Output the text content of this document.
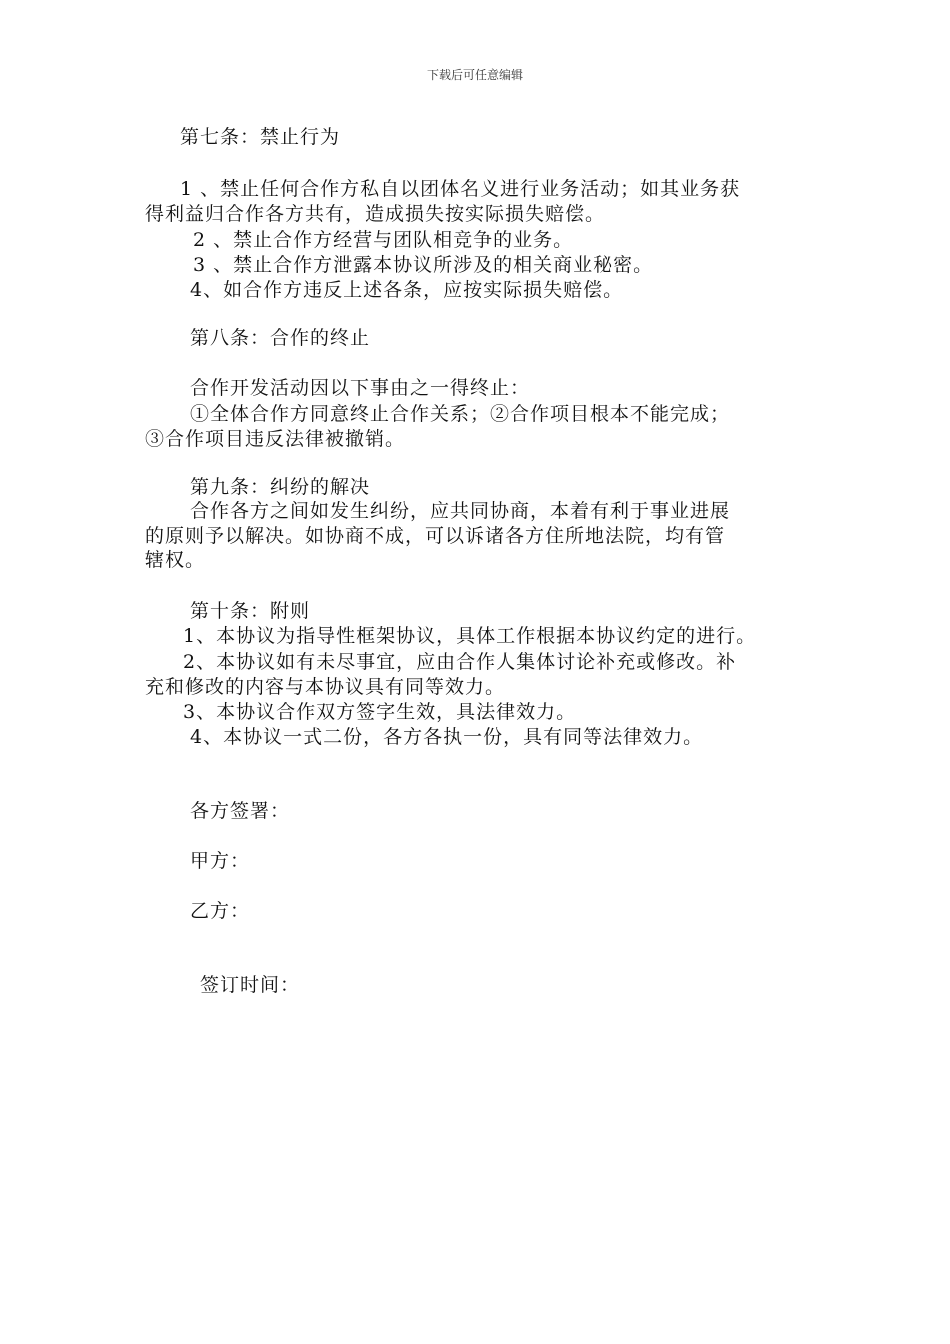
下载后可任意编辑
第七条：禁止行为
1 、禁止任何合作方私自以团体名义进行业务活动；如其业务获
得利益归合作各方共有，造成损失按实际损失赔偿。
2 、禁止合作方经营与团队相竞争的业务。
3 、禁止合作方泄露本协议所涉及的相关商业秘密。
4、如合作方违反上述各条，应按实际损失赔偿。
第八条：合作的终止
合作开发活动因以下事由之一得终止：
①全体合作方同意终止合作关系；②合作项目根本不能完成；
③合作项目违反法律被撤销。
第九条：纠纷的解决
合作各方之间如发生纠纷，应共同协商，本着有利于事业进展
的原则予以解决。如协商不成，可以诉诸各方住所地法院，均有管
辖权。
第十条：附则
1、本协议为指导性框架协议，具体工作根据本协议约定的进行。
2、本协议如有未尽事宜，应由合作人集体讨论补充或修改。补
充和修改的内容与本协议具有同等效力。
3、本协议合作双方签字生效，具法律效力。
4、本协议一式二份，各方各执一份，具有同等法律效力。
各方签署：
甲方：
乙方：
签订时间：
